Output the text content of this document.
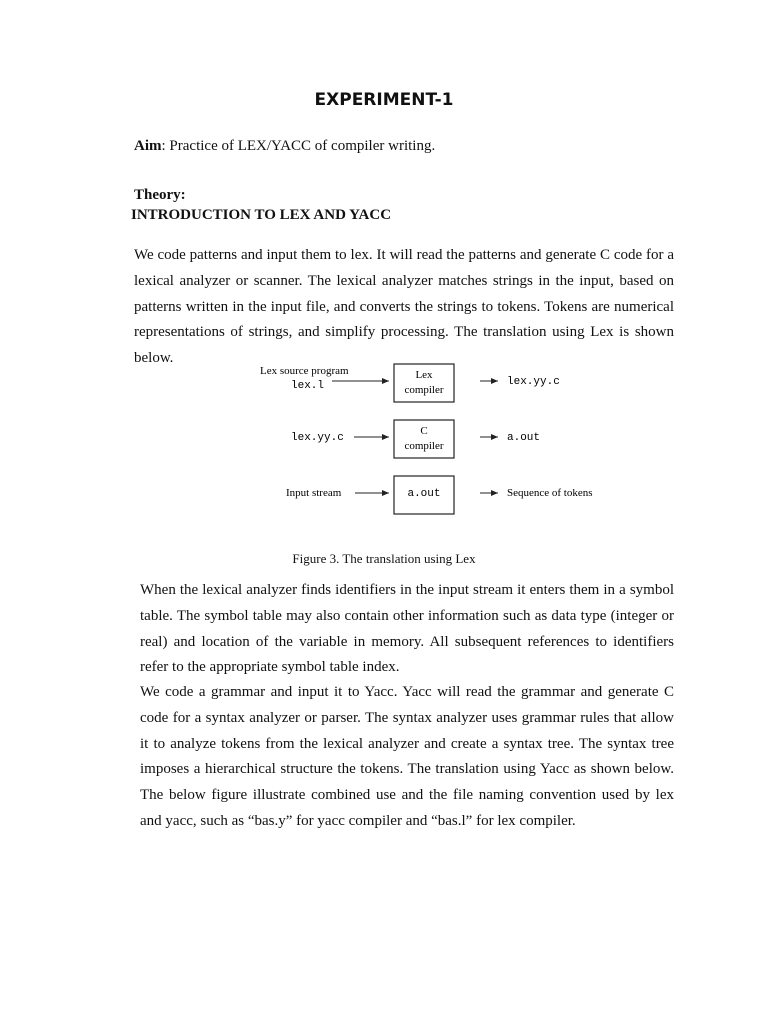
EXPERIMENT-1

Aim: Practice of LEX/YACC of compiler writing.

Theory:

INTRODUCTION TO LEX AND YACC

We code patterns and input them to lex. It will read the patterns and generate C code for a lexical analyzer or scanner. The lexical analyzer matches strings in the input, based on patterns written in the input file, and converts the strings to tokens. Tokens are numerical representations of strings, and simplify processing. The translation using Lex is shown below.

Lex source program
lex.l
Lex
compiler
lex.yy.c
lex.yy.c
C
compiler
a.out
Input stream	a.out	Sequence of tokens

Figure 3. The translation using Lex

When the lexical analyzer finds identifiers in the input stream it enters them in a symbol table. The symbol table may also contain other information such as data type (integer or real) and location of the variable in memory. All subsequent references to identifiers refer to the appropriate symbol table index.

We code a grammar and input it to Yacc. Yacc will read the grammar and generate C code for a syntax analyzer or parser. The syntax analyzer uses grammar rules that allow it to analyze tokens from the lexical analyzer and create a syntax tree. The syntax tree imposes a hierarchical structure the tokens. The translation using Yacc as shown below. The below figure illustrate combined use and the file naming convention used by lex and yacc, such as “bas.y” for yacc compiler and “bas.l” for lex compiler.
